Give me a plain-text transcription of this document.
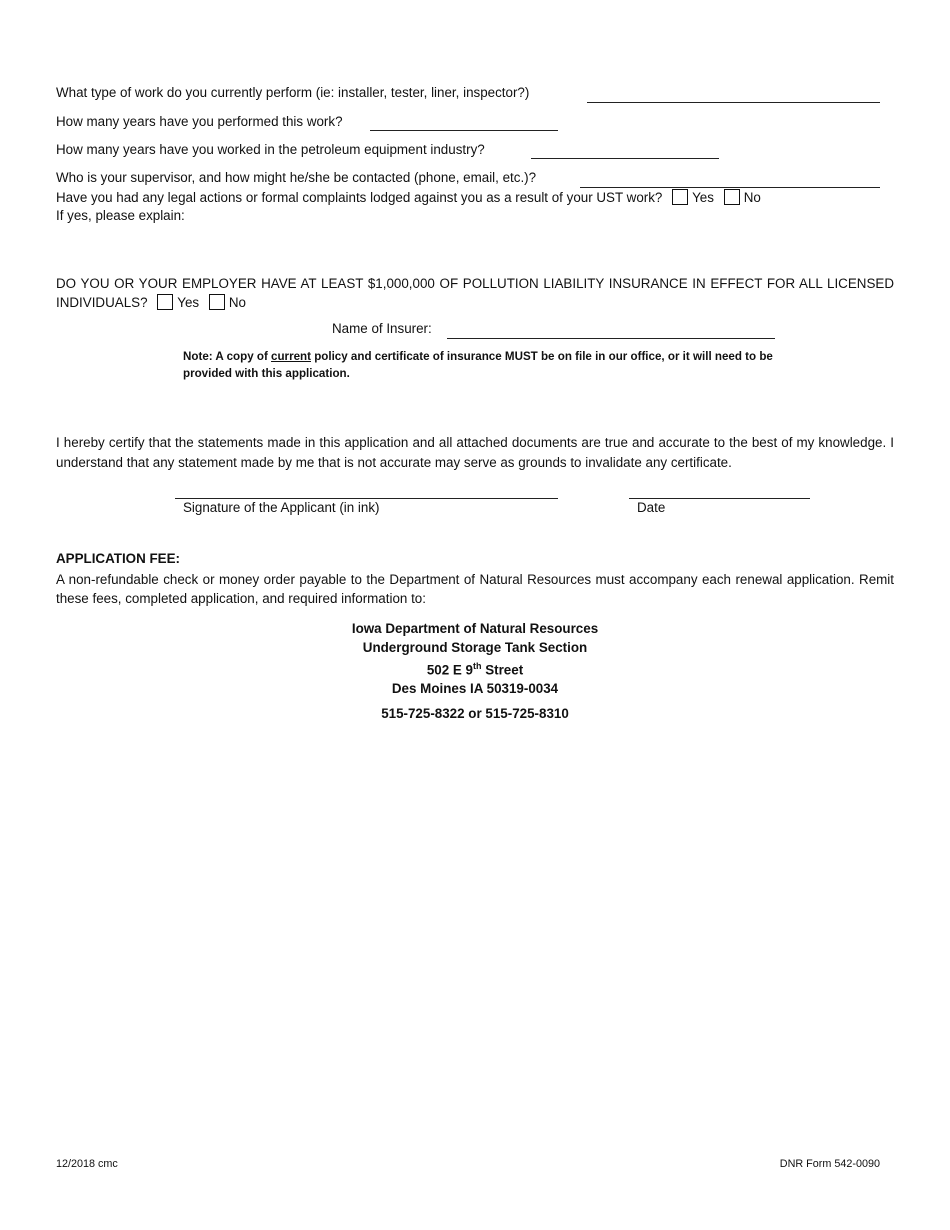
What type of work do you currently perform (ie: installer, tester, liner, inspector?)
How many years have you performed this work?
How many years have you worked in the petroleum equipment industry?
Who is your supervisor, and how might he/she be contacted (phone, email, etc.)?
Have you had any legal actions or formal complaints lodged against you as a result of your UST work? Yes No
If yes, please explain:
DO YOU OR YOUR EMPLOYER HAVE AT LEAST $1,000,000 OF POLLUTION LIABILITY INSURANCE IN EFFECT FOR ALL LICENSED INDIVIDUALS? Yes No
Name of Insurer:
Note: A copy of current policy and certificate of insurance MUST be on file in our office, or it will need to be provided with this application.
I hereby certify that the statements made in this application and all attached documents are true and accurate to the best of my knowledge. I understand that any statement made by me that is not accurate may serve as grounds to invalidate any certificate.
Signature of the Applicant (in ink)	Date
APPLICATION FEE:
A non-refundable check or money order payable to the Department of Natural Resources must accompany each renewal application. Remit these fees, completed application, and required information to:
Iowa Department of Natural Resources
Underground Storage Tank Section
502 E 9th Street
Des Moines IA 50319-0034
515-725-8322 or 515-725-8310
12/2018 cmc	DNR Form 542-0090
